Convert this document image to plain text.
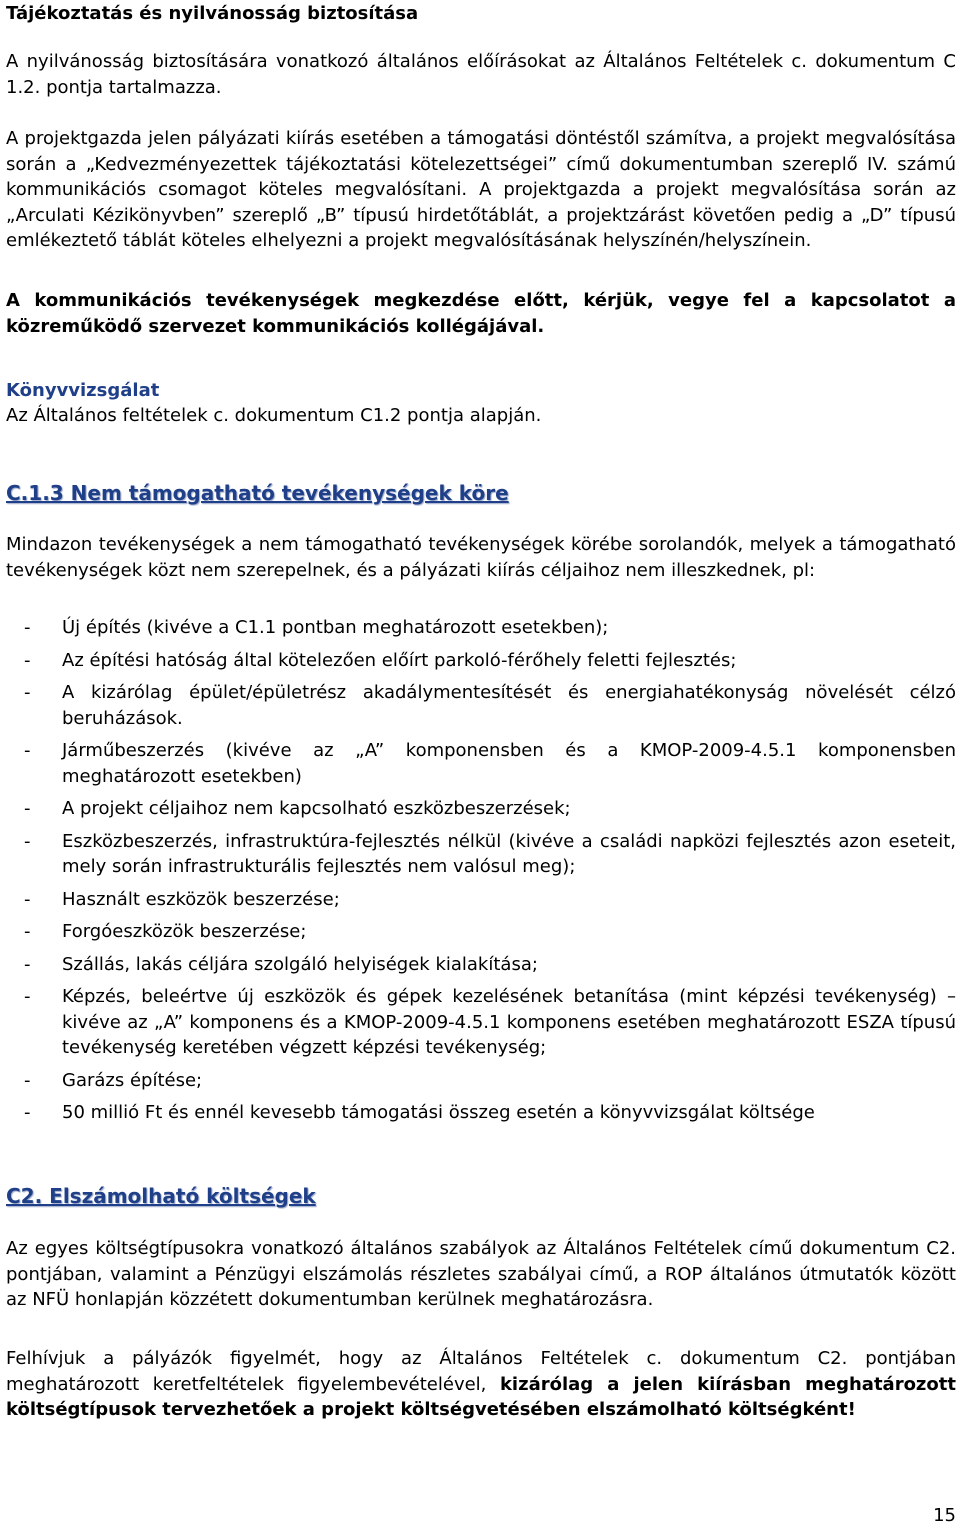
Tájékoztatás és nyilvánosság biztosítása

A nyilvánosság biztosítására vonatkozó általános előírásokat az Általános Feltételek c. dokumentum C 1.2. pontja tartalmazza.

A projektgazda jelen pályázati kiírás esetében a támogatási döntéstől számítva, a projekt megvalósítása során a „Kedvezményezettek tájékoztatási kötelezettségei” című dokumentumban szereplő IV. számú kommunikációs csomagot köteles megvalósítani. A projektgazda a projekt megvalósítása során az „Arculati Kézikönyvben” szereplő „B” típusú hirdetőtáblát, a projektzárást követően pedig a „D” típusú emlékeztető táblát köteles elhelyezni a projekt megvalósításának helyszínén/helyszínein.

A kommunikációs tevékenységek megkezdése előtt, kérjük, vegye fel a kapcsolatot a közreműködő szervezet kommunikációs kollégájával.

Könyvvizsgálat

Az Általános feltételek c. dokumentum C1.2 pontja alapján.

C.1.3 Nem támogatható tevékenységek köre

Mindazon tevékenységek a nem támogatható tevékenységek körébe sorolandók, melyek a támogatható tevékenységek közt nem szerepelnek, és a pályázati kiírás céljaihoz nem illeszkednek, pl:

- Új építés (kivéve a C1.1 pontban meghatározott esetekben);
- Az építési hatóság által kötelezően előírt parkoló-férőhely feletti fejlesztés;
- A kizárólag épület/épületrész akadálymentesítését és energiahatékonyság növelését célzó beruházások.
- Járműbeszerzés (kivéve az „A” komponensben és a KMOP-2009-4.5.1 komponensben meghatározott esetekben)
- A projekt céljaihoz nem kapcsolható eszközbeszerzések;
- Eszközbeszerzés, infrastruktúra-fejlesztés nélkül (kivéve a családi napközi fejlesztés azon eseteit, mely során infrastrukturális fejlesztés nem valósul meg);
- Használt eszközök beszerzése;
- Forgóeszközök beszerzése;
- Szállás, lakás céljára szolgáló helyiségek kialakítása;
- Képzés, beleértve új eszközök és gépek kezelésének betanítása (mint képzési tevékenység) – kivéve az „A” komponens és a KMOP-2009-4.5.1 komponens esetében meghatározott ESZA típusú tevékenység keretében végzett képzési tevékenység;
- Garázs építése;
- 50 millió Ft és ennél kevesebb támogatási összeg esetén a könyvvizsgálat költsége

C2. Elszámolható költségek

Az egyes költségtípusokra vonatkozó általános szabályok az Általános Feltételek című dokumentum C2. pontjában, valamint a Pénzügyi elszámolás részletes szabályai című, a ROP általános útmutatók között az NFÜ honlapján közzétett dokumentumban kerülnek meghatározásra.

Felhívjuk a pályázók figyelmét, hogy az Általános Feltételek c. dokumentum C2. pontjában meghatározott keretfeltételek figyelembevételével, kizárólag a jelen kiírásban meghatározott költségtípusok tervezhetőek a projekt költségvetésében elszámolható költségként!

15
